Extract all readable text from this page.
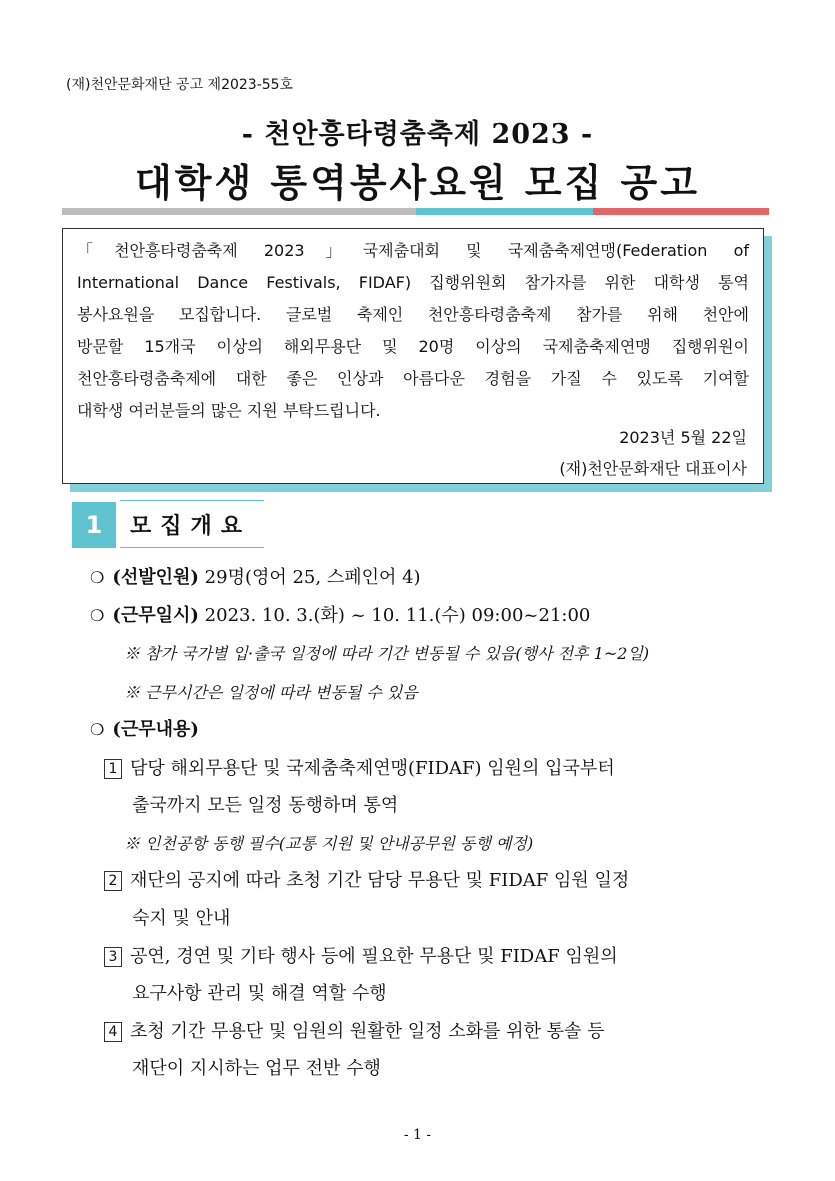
(재)천안문화재단 공고 제2023-55호
- 천안흥타령춤축제 2023 -
대학생 통역봉사요원 모집 공고
「천안흥타령춤축제 2023」국제춤대회 및 국제춤축제연맹(Federation of
International Dance Festivals, FIDAF) 집행위원회 참가자를 위한 대학생 통역
봉사요원을 모집합니다. 글로벌 축제인 천안흥타령춤축제 참가를 위해 천안에
방문할 15개국 이상의 해외무용단 및 20명 이상의 국제춤축제연맹 집행위원이
천안흥타령춤축제에 대한 좋은 인상과 아름다운 경험을 가질 수 있도록 기여할
대학생 여러분들의 많은 지원 부탁드립니다.
2023년 5월 22일
(재)천안문화재단 대표이사
1	모집개요
❍ (선발인원) 29명(영어 25, 스페인어 4)
❍ (근무일시) 2023. 10. 3.(화) ~ 10. 11.(수) 09:00~21:00
※ 참가 국가별 입·출국 일정에 따라 기간 변동될 수 있음(행사 전후 1~2일)
※ 근무시간은 일정에 따라 변동될 수 있음
❍ (근무내용)
1 담당 해외무용단 및 국제춤축제연맹(FIDAF) 임원의 입국부터
출국까지 모든 일정 동행하며 통역
※ 인천공항 동행 필수(교통 지원 및 안내공무원 동행 예정)
2 재단의 공지에 따라 초청 기간 담당 무용단 및 FIDAF 임원 일정
숙지 및 안내
3 공연, 경연 및 기타 행사 등에 필요한 무용단 및 FIDAF 임원의
요구사항 관리 및 해결 역할 수행
4 초청 기간 무용단 및 임원의 원활한 일정 소화를 위한 통솔 등
재단이 지시하는 업무 전반 수행
- 1 -
